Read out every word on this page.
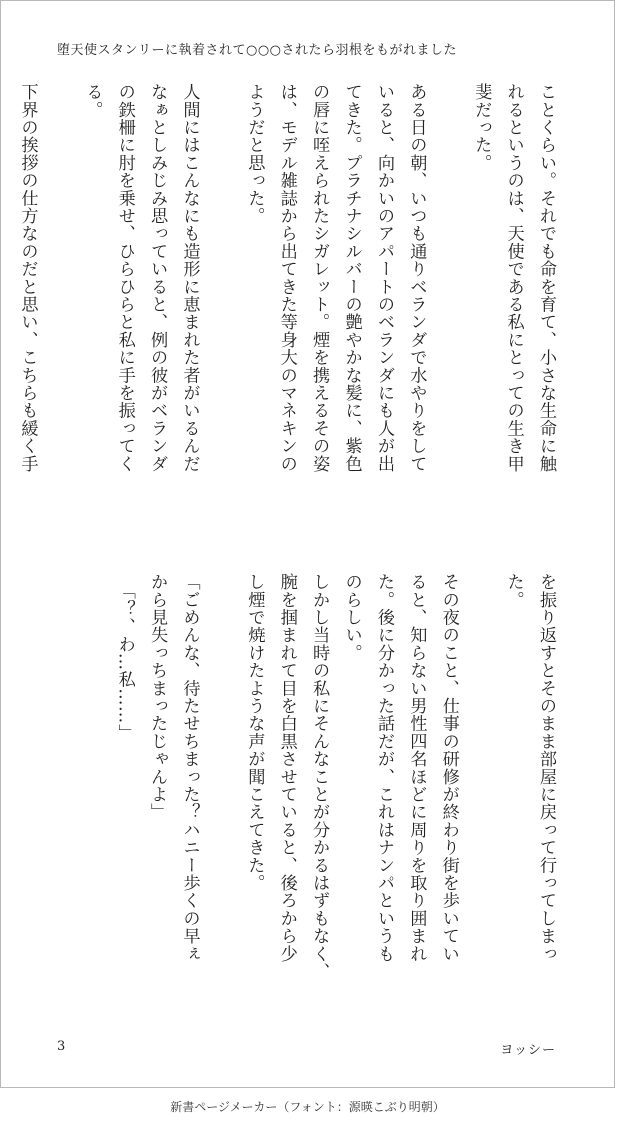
堕天使スタンリーに執着されて○○○されたら羽根をもがれました
ことくらい。それでも命を育て、小さな生命に触
れるというのは、天使である私にとっての生き甲
斐だった。

ある日の朝、いつも通りベランダで水やりをして
いると、向かいのアパートのベランダにも人が出
てきた。プラチナシルバーの艶やかな髪に、紫色
の唇に咥えられたシガレット。煙を携えるその姿
は、モデル雑誌から出てきた等身大のマネキンの
ようだと思った。

人間にはこんなにも造形に恵まれた者がいるんだ
なぁとしみじみ思っていると、例の彼がベランダ
の鉄柵に肘を乗せ、ひらひらと私に手を振ってく
る。

下界の挨拶の仕方なのだと思い、こちらも緩く手
を振り返すとそのまま部屋に戻って行ってしまっ
た。

その夜のこと、仕事の研修が終わり街を歩いてい
ると、知らない男性四名ほどに周りを取り囲まれ
た。後に分かった話だが、これはナンパというも
のらしい。
しかし当時の私にそんなことが分かるはずもなく、
腕を掴まれて目を白黒させていると、後ろから少
し煙で焼けたような声が聞こえてきた。

「ごめんな、待たせちまった？ハニー歩くの早ぇ
から見失っちまったじゃんよ」
　「？、わ…私……」
3	ヨッシー
新書ページメーカー（フォント：源暎こぶり明朝）
